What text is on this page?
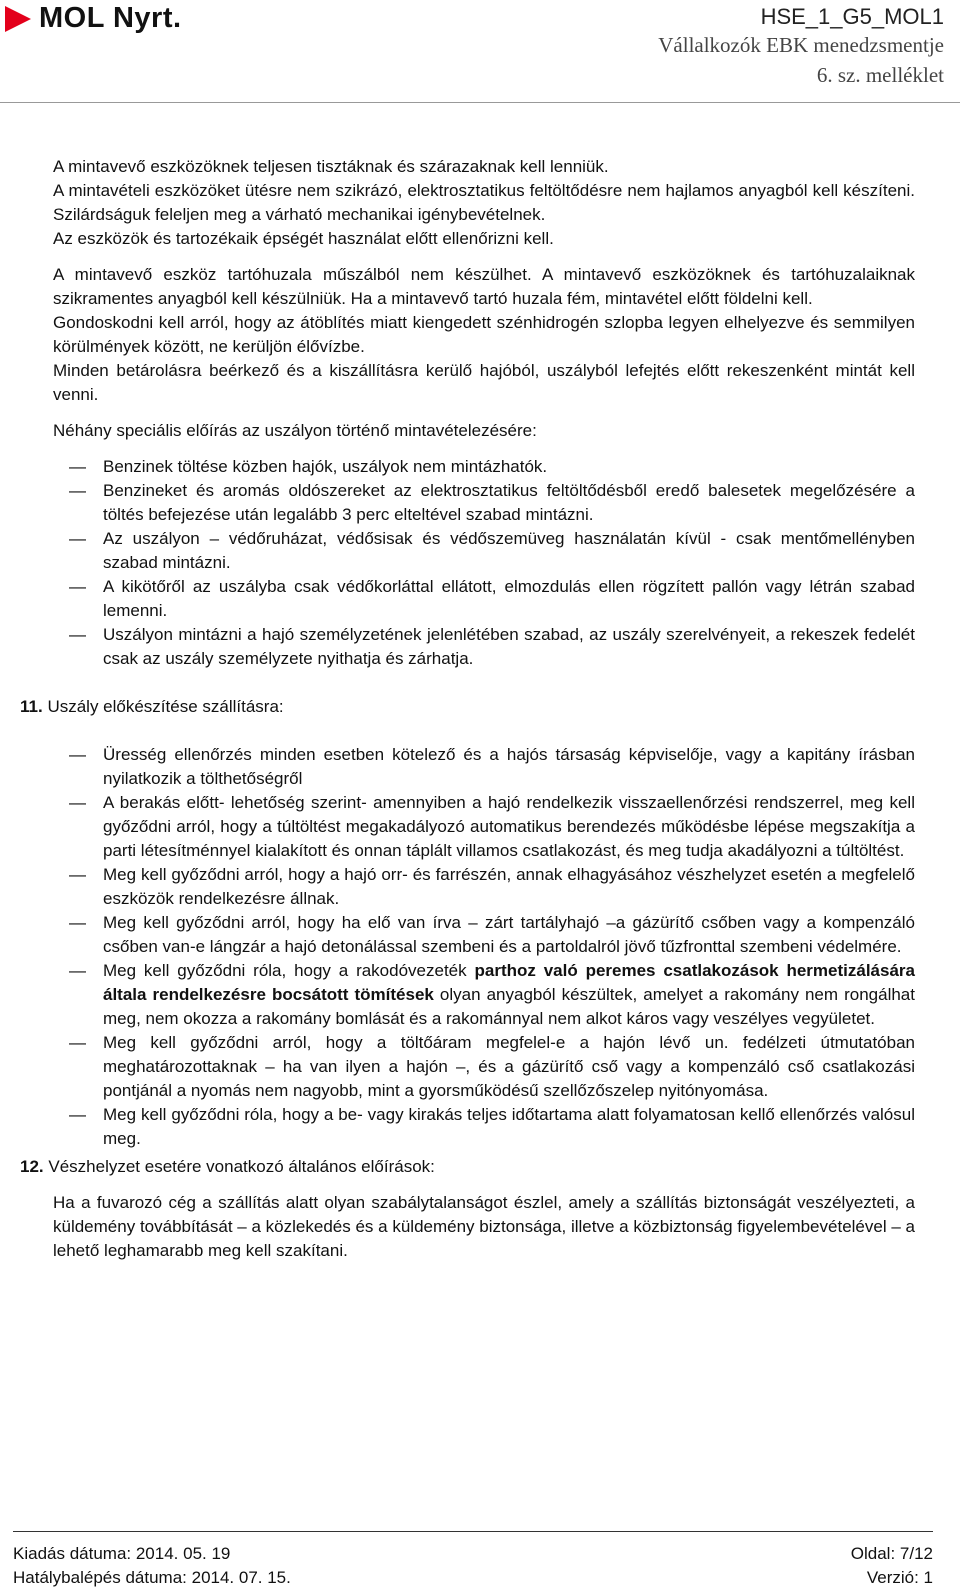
MOL Nyrt.	HSE_1_G5_MOL1
Vállalkozók EBK menedzsmentje
6. sz. melléklet

A mintavevő eszközöknek teljesen tisztáknak és szárazaknak kell lenniük.

A mintavételi eszközöket ütésre nem szikrázó, elektrosztatikus feltöltődésre nem hajlamos anyagból kell készíteni. Szilárdságuk feleljen meg a várható mechanikai igénybevételnek.

Az eszközök és tartozékaik épségét használat előtt ellenőrizni kell.

A mintavevő eszköz tartóhuzala műszálból nem készülhet. A mintavevő eszközöknek és tartóhuzalaiknak szikramentes anyagból kell készülniük. Ha a mintavevő tartó huzala fém, mintavétel előtt földelni kell.

Gondoskodni kell arról, hogy az átöblítés miatt kiengedett szénhidrogén szlopba legyen elhelyezve és semmilyen körülmények között, ne kerüljön élővízbe.

Minden betárolásra beérkező és a kiszállításra kerülő hajóból, uszályból lefejtés előtt rekeszenként mintát kell venni.

Néhány speciális előírás az uszályon történő mintavételezésére:

— Benzinek töltése közben hajók, uszályok nem mintázhatók.
— Benzineket és aromás oldószereket az elektrosztatikus feltöltődésből eredő balesetek megelőzésére a töltés befejezése után legalább 3 perc elteltével szabad mintázni.
— Az uszályon – védőruházat, védősisak és védőszemüveg használatán kívül - csak mentőmellényben szabad mintázni.
— A kikötőről az uszályba csak védőkorláttal ellátott, elmozdulás ellen rögzített pallón vagy létrán szabad lemenni.
— Uszályon mintázni a hajó személyzetének jelenlétében szabad, az uszály szerelvényeit, a rekeszek fedelét csak az uszály személyzete nyithatja és zárhatja.
11. Uszály előkészítése szállításra:
— Üresség ellenőrzés minden esetben kötelező és a hajós társaság képviselője, vagy a kapitány írásban nyilatkozik a tölthetőségről
— A berakás előtt- lehetőség szerint- amennyiben a hajó rendelkezik visszaellenőrzési rendszerrel, meg kell győződni arról, hogy a túltöltést megakadályozó automatikus berendezés működésbe lépése megszakítja a parti létesítménnyel kialakított és onnan táplált villamos csatlakozást, és meg tudja akadályozni a túltöltést.
— Meg kell győződni arról, hogy a hajó orr- és farrészén, annak elhagyásához vészhelyzet esetén a megfelelő eszközök rendelkezésre állnak.
— Meg kell győződni arról, hogy ha elő van írva – zárt tartályhajó –a gázürítő csőben vagy a kompenzáló csőben van-e lángzár a hajó detonálással szembeni és a partoldalról jövő tűzfronttal szembeni védelmére.
— Meg kell győződni róla, hogy a rakodóvezeték parthoz való peremes csatlakozások hermetizálására általa rendelkezésre bocsátott tömítések olyan anyagból készültek, amelyet a rakomány nem rongálhat meg, nem okozza a rakomány bomlását és a rakománnyal nem alkot káros vagy veszélyes vegyületet.
— Meg kell győződni arról, hogy a töltőáram megfelel-e a hajón lévő un. fedélzeti útmutatóban meghatározottaknak – ha van ilyen a hajón –, és a gázürítő cső vagy a kompenzáló cső csatlakozási pontjánál a nyomás nem nagyobb, mint a gyorsműködésű szellőzőszelep nyitónyomása.
— Meg kell győződni róla, hogy a be- vagy kirakás teljes időtartama alatt folyamatosan kellő ellenőrzés valósul meg.
12. Vészhelyzet esetére vonatkozó általános előírások:

Ha a fuvarozó cég a szállítás alatt olyan szabálytalanságot észlel, amely a szállítás biztonságát veszélyezteti, a küldemény továbbítását – a közlekedés és a küldemény biztonsága, illetve a közbiztonság figyelembevételével – a lehető leghamarabb meg kell szakítani.

Kiadás dátuma: 2014. 05. 19	Oldal: 7/12
Hatálybalépés dátuma: 2014. 07. 15.	Verzió: 1
